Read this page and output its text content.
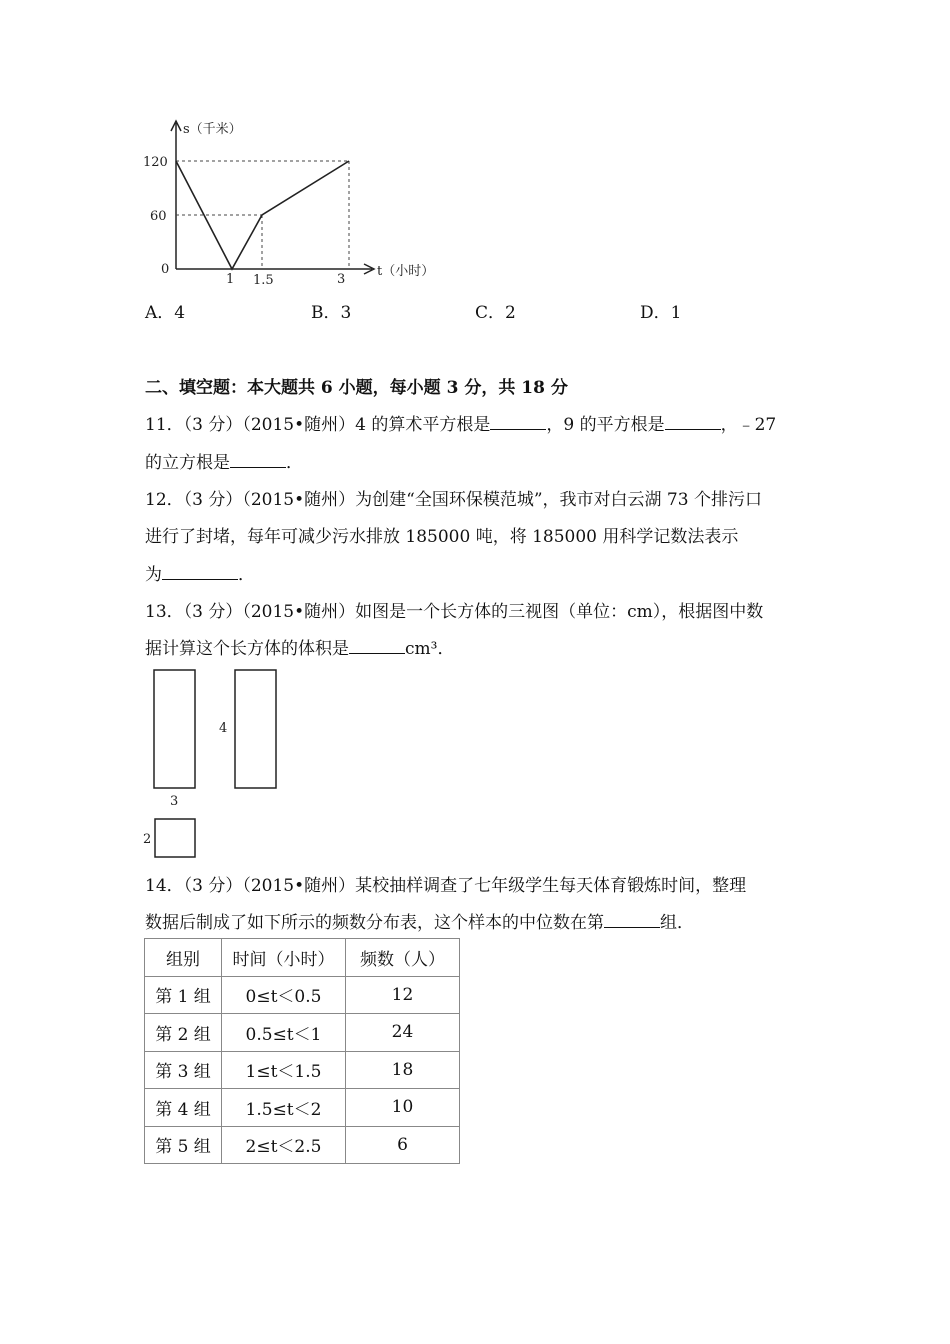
s（千米）
t（小时）
120
60
0
1 1.5	3
A．4	B．3	C．2	D．1
二、填空题：本大题共 6 小题，每小题 3 分，共 18 分
11．（3 分）（2015•随州）4 的算术平方根是	，9 的平方根是	，﹣27
的立方根是	．
12．（3 分）（2015•随州）为创建“全国环保模范城”，我市对白云湖 73 个排污口
进行了封堵，每年可减少污水排放 185000 吨，将 185000 用科学记数法表示
为	．
13．（3 分）（2015•随州）如图是一个长方体的三视图（单位：cm），根据图中数
据计算这个长方体的体积是	cm³．
4
3
2
14．（3 分）（2015•随州）某校抽样调查了七年级学生每天体育锻炼时间，整理
数据后制成了如下所示的频数分布表，这个样本的中位数在第	组．
组别	时间（小时）	频数（人）
第 1 组	0≤t＜0.5	12
第 2 组	0.5≤t＜1	24
第 3 组	1≤t＜1.5	18
第 4 组	1.5≤t＜2	10
第 5 组	2≤t＜2.5	6
